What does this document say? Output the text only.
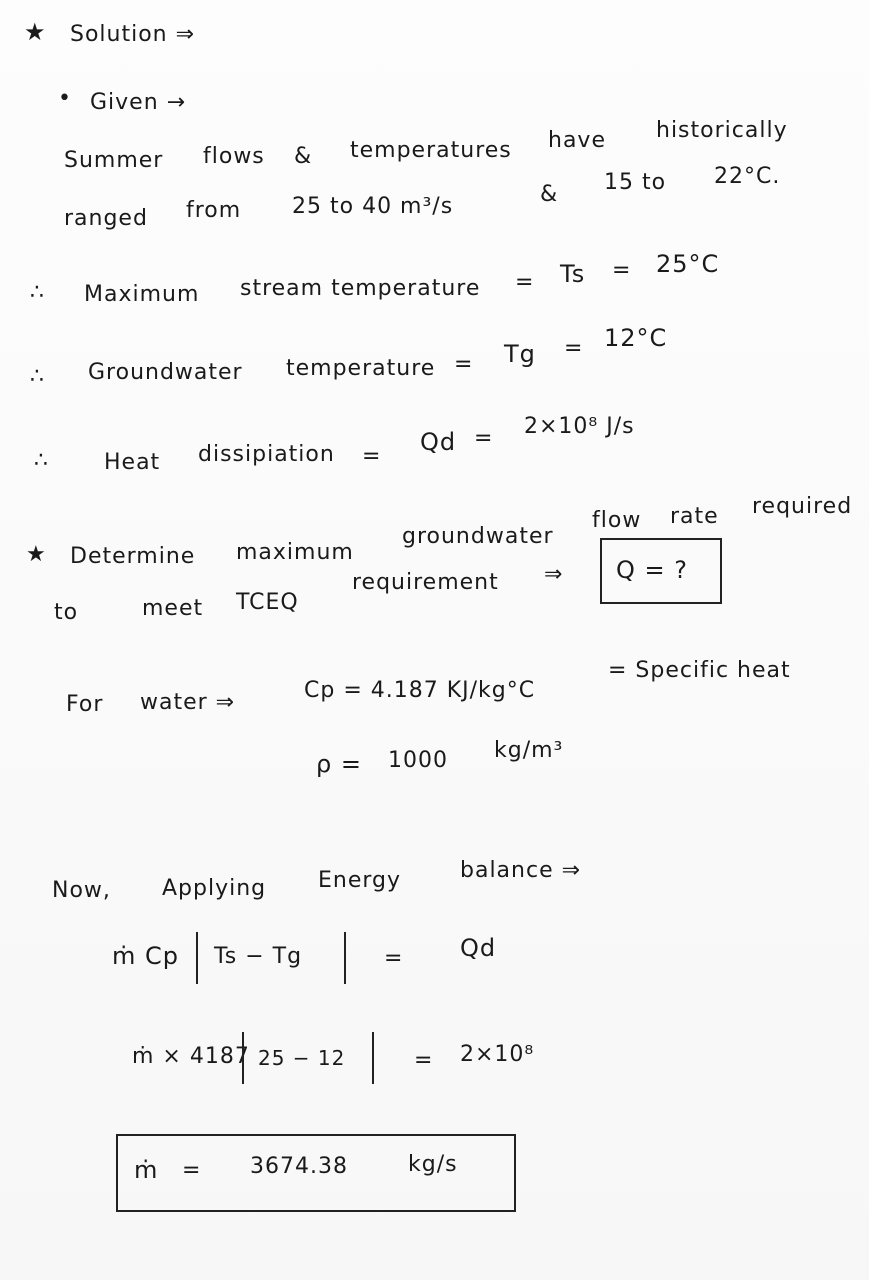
★ Solution ⇒
• Given →
Summer flows & temperatures have historically
ranged from 25 to 40 m³/s	& 15 to 22°C.
∴ Maximum stream temperature = Ts = 25°C
∴ Groundwater temperature = Tg = 12°C
∴	Heat dissipiation =
Qd = 2×10⁸ J/s
★ Determine maximum
groundwater
flow rate required
to	meet TCEQ
requirement ⇒ Q = ?
For water ⇒	Cp = 4.187 KJ/kg°C
= Specific heat
ρ = 1000 kg/m³
Now, Applying Energy	balance ⇒
ṁ Cp Ts − Tg	= Qd
ṁ × 4187 25 − 12	= 2×10⁸
ṁ = 3674.38	kg/s
